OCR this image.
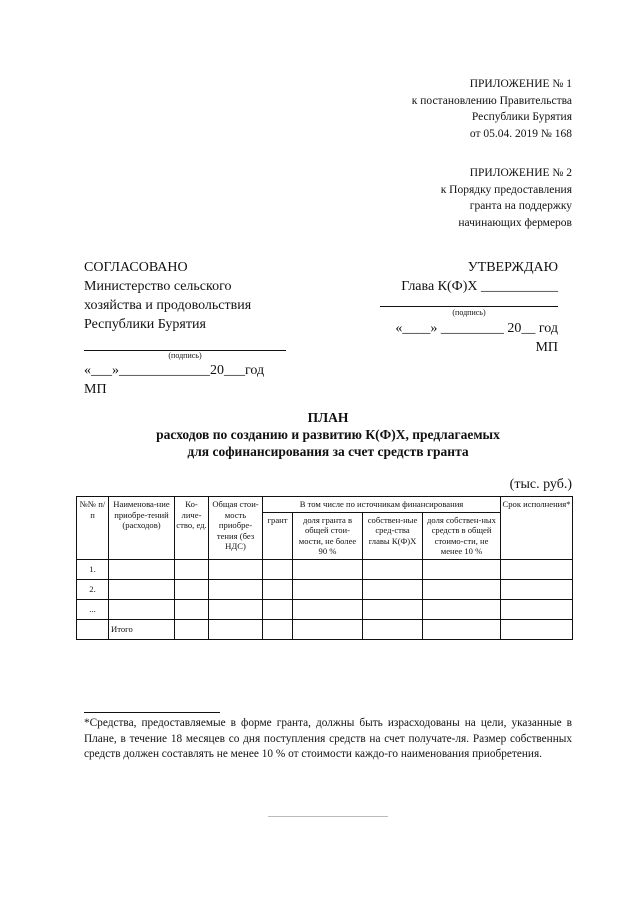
ПРИЛОЖЕНИЕ № 1
к постановлению Правительства
Республики Бурятия
от 05.04. 2019 № 168
ПРИЛОЖЕНИЕ № 2
к Порядку предоставления
гранта на поддержку
начинающих фермеров
СОГЛАСОВАНО
Министерство сельского
хозяйства и продовольствия
Республики Бурятия
(подпись)
«___»_____________20___год
МП
УТВЕРЖДАЮ
Глава К(Ф)Х ___________
(подпись)
«____» _________ 20__ год
МП
ПЛАН
расходов по созданию и развитию К(Ф)Х, предлагаемых
для софинансирования за счет средств гранта
(тыс. руб.)
№№ п/п	Наименова-ние приобре-тений (расходов)	Ко-личе-ство, ед.	Общая стои-мость приобре-тения (без НДС)	В том числе по источникам финансирования				Срок исполнения*
				грант	доля гранта в общей стои-мости, не более 90 %	собствен-ные сред-ства главы К(Ф)Х	доля собствен-ных средств в общей стоимо-сти, не менее 10 %	
1.								
2.								
...								
	Итого							
*Средства, предоставляемые в форме гранта, должны быть израсходованы на цели, указанные в Плане, в течение 18 месяцев со дня поступления средств на счет получате-ля. Размер собственных средств должен составлять не менее 10 % от стоимости каждо-го наименования приобретения.
